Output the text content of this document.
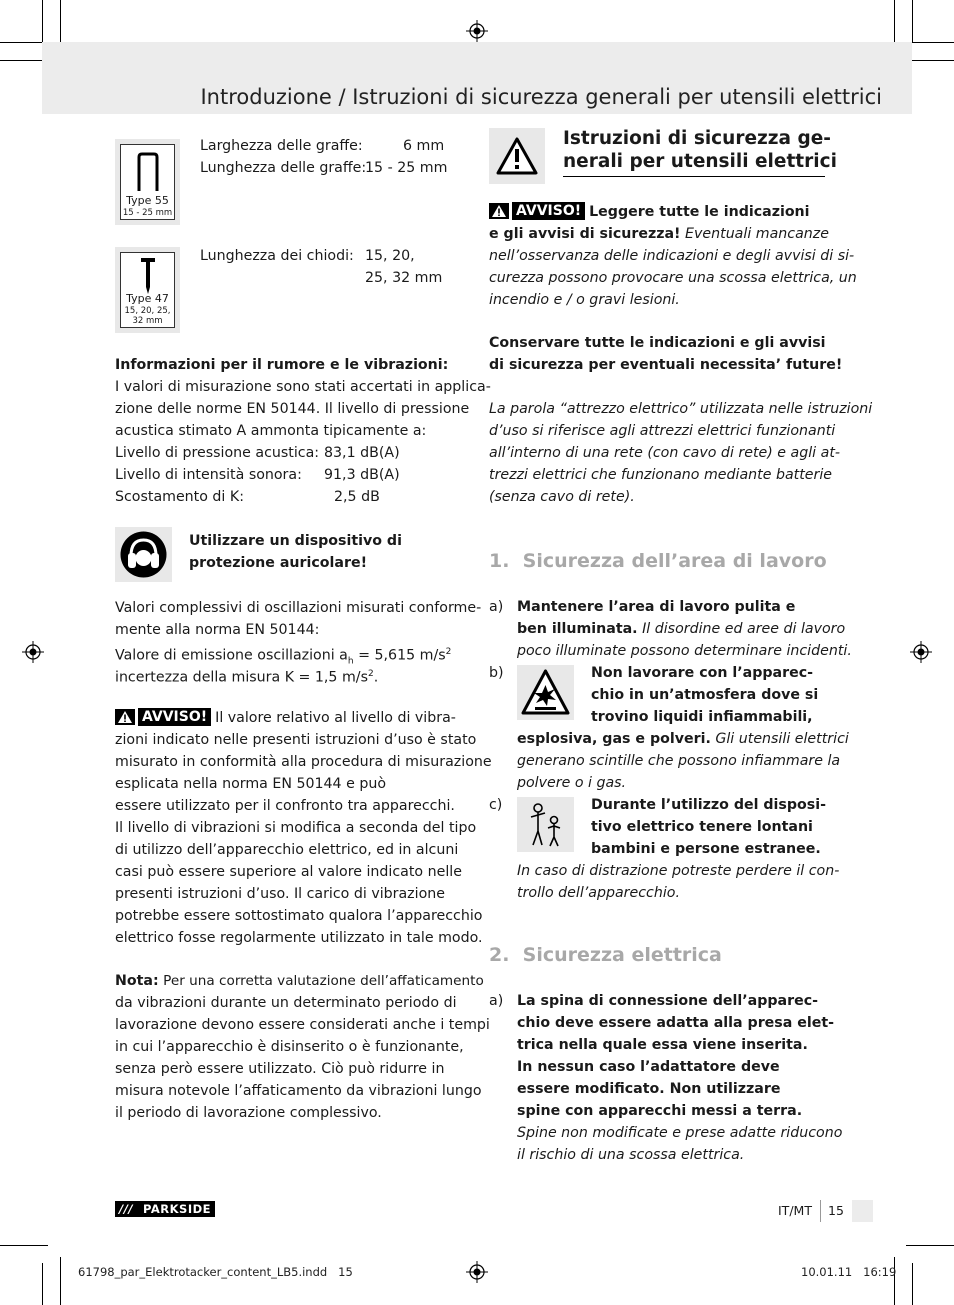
Introduzione / Istruzioni di sicurezza generali per utensili elettrici
Type 55
15 - 25 mm
Larghezza delle graffe:	6 mm
Lunghezza delle graffe:
15 - 25 mm
Type 47
15, 20, 25,
32 mm
Lunghezza dei chiodi: 15, 20,
25, 32 mm
Informazioni per il rumore e le vibrazioni:
I valori di misurazione sono stati accertati in applica-
zione delle norme EN 50144. Il livello di pressione
acustica stimato A ammonta tipicamente a:
Livello di pressione acustica: 83,1 dB(A)
Livello di intensità sonora: 91,3 dB(A)
Scostamento di K:	2,5 dB
Utilizzare un dispositivo di
protezione auricolare!
Valori complessivi di oscillazioni misurati conforme-
mente alla norma EN 50144:
Valore di emissione oscillazioni $a_h = 5,615$ $m/s^2$
incertezza della misura K = 1,5 $m/s^2$.
AVVISO! Il valore relativo al livello di vibra-
zioni indicato nelle presenti istruzioni d’uso è stato
misurato in conformità alla procedura di misurazione
esplicata nella norma EN 50144 e può
essere utilizzato per il confronto tra apparecchi.
Il livello di vibrazioni si modifica a seconda del tipo
di utilizzo dell’apparecchio elettrico, ed in alcuni
casi può essere superiore al valore indicato nelle
presenti istruzioni d’uso. Il carico di vibrazione
potrebbe essere sottostimato qualora l’apparecchio
elettrico fosse regolarmente utilizzato in tale modo.
Nota: Per una corretta valutazione dell’affaticamento
da vibrazioni durante un determinato periodo di
lavorazione devono essere considerati anche i tempi
in cui l’apparecchio è disinserito o è funzionante,
senza però essere utilizzato. Ciò può ridurre in
misura notevole l’affaticamento da vibrazioni lungo
il periodo di lavorazione complessivo.
Istruzioni di sicurezza ge-
nerali per utensili elettrici
AVVISO! Leggere tutte le indicazioni
e gli avvisi di sicurezza! Eventuali mancanze
nell’osservanza delle indicazioni e degli avvisi di si-
curezza possono provocare una scossa elettrica, un
incendio e / o gravi lesioni.
Conservare tutte le indicazioni e gli avvisi
di sicurezza per eventuali necessita’ future!
La parola “attrezzo elettrico” utilizzata nelle istruzioni
d’uso si riferisce agli attrezzi elettrici funzionanti
all’interno di una rete (con cavo di rete) e agli at-
trezzi elettrici che funzionano mediante batterie
(senza cavo di rete).
1.  Sicurezza dell’area di lavoro
a) Mantenere l’area di lavoro pulita e
ben illuminata. Il disordine ed aree di lavoro
poco illuminate possono determinare incidenti.
b)	Non lavorare con l’apparec-
chio in un’atmosfera dove si
trovino liquidi infiammabili,
esplosiva, gas e polveri. Gli utensili elettrici
generano scintille che possono infiammare la
polvere o i gas.
c)	Durante l’utilizzo del disposi-
tivo elettrico tenere lontani
bambini e persone estranee.
In caso di distrazione potreste perdere il con-
trollo dell’apparecchio.
2.  Sicurezza elettrica
a) La spina di connessione dell’apparec-
chio deve essere adatta alla presa elet-
trica nella quale essa viene inserita.
In nessun caso l’adattatore deve
essere modificato. Non utilizzare
spine con apparecchi messi a terra.
Spine non modificate e prese adatte riducono
il rischio di una scossa elettrica.
/// PARKSIDE	IT/MT 15
61798_par_Elektrotacker_content_LB5.indd   15	10.01.11   16:19
